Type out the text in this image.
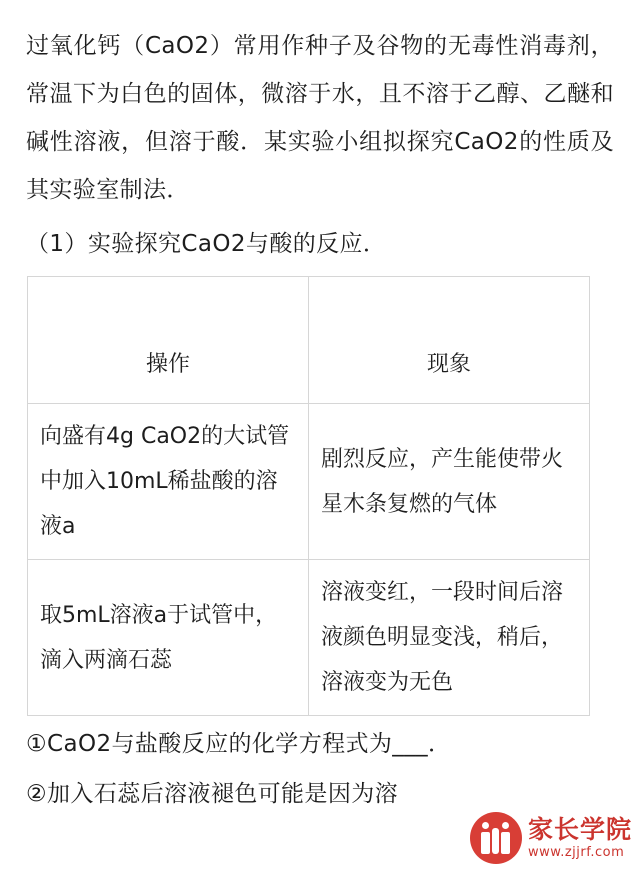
过氧化钙（CaO2）常用作种子及谷物的无毒性消毒剂，常温下为白色的固体，微溶于水，且不溶于乙醇、乙醚和碱性溶液，但溶于酸．某实验小组拟探究CaO2的性质及其实验室制法．

（1）实验探究CaO2与酸的反应．

操作	现象
向盛有4g CaO2的大试管中加入10mL稀盐酸的溶液a	剧烈反应，产生能使带火星木条复燃的气体
取5mL溶液a于试管中，滴入两滴石蕊	溶液变红，一段时间后溶液颜色明显变浅，稍后，溶液变为无色

①CaO2与盐酸反应的化学方程式为___．

②加入石蕊后溶液褪色可能是因为溶

家长学院
www.zjjrf.com
